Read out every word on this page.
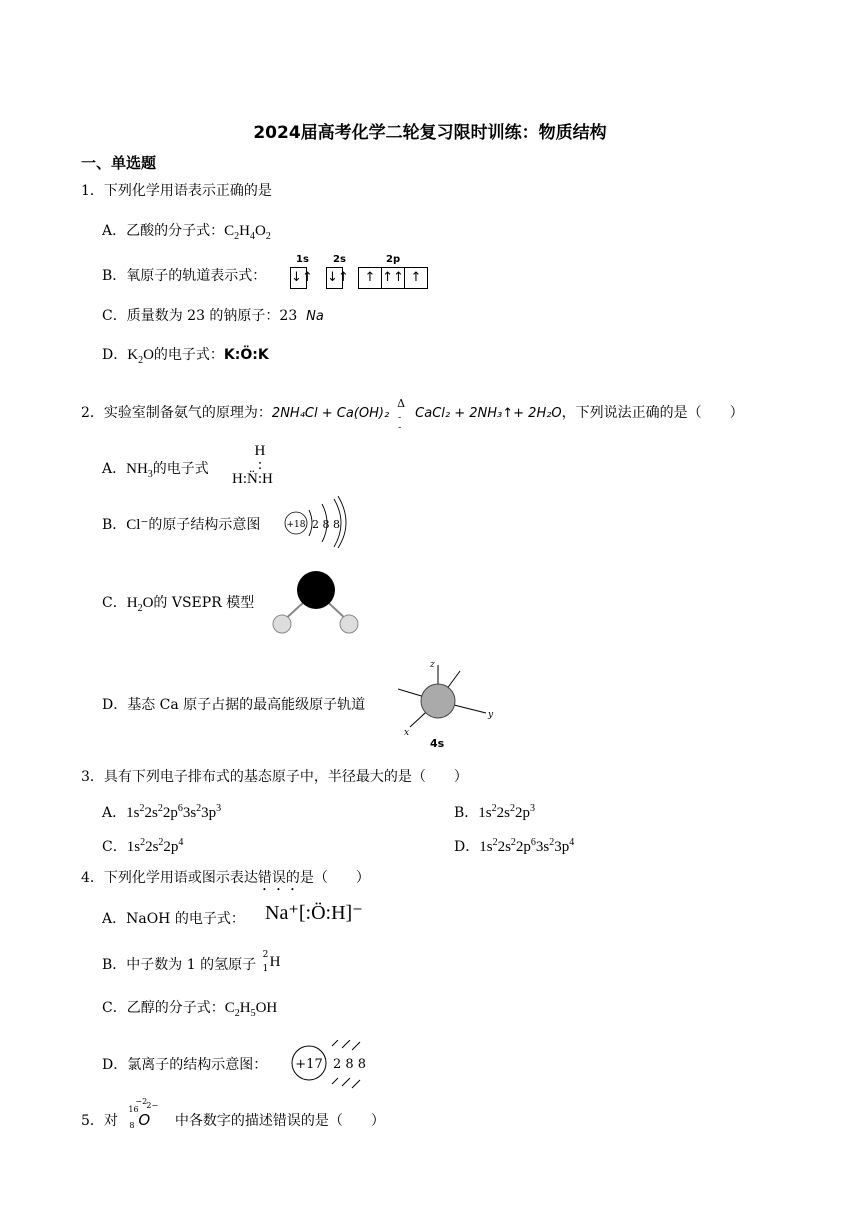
2024届高考化学二轮复习限时训练：物质结构
一、单选题
1．下列化学用语表示正确的是
A．乙酸的分子式：$C_2H_4O_2$
B．氧原子的轨道表示式：
1s 2s	2p
↓↑ ↓↑	↑ ↑↑ ↑
C．质量数为 23 的钠原子：23 Na
D．$K_2O$的电子式：K:Ö:K
2．实验室制备氨气的原理为：2NH₄Cl + Ca(OH)₂
Δ
‐
‐
CaCl₂ + 2NH₃↑+ 2H₂O，下列说法正确的是（　　）
A．$NH_3$的电子式
H
:
H:N̈:H
B．Cl⁻的原子结构示意图	+18 2 8 8
C．$H_2O$的 VSEPR 模型
D．基态 Ca 原子占据的最高能级原子轨道
z
y
x
4s
3．具有下列电子排布式的基态原子中，半径最大的是（　　）
A．$1s^22s^22p^63s^23p^3$	B．$1s^22s^22p^3$
C．$1s^22s^22p^4$	D．$1s^22s^22p^63s^23p^4$
4．下列化学用语或图示表达错误的是（　　）
A．NaOH 的电子式： Na⁺[:Ö:H]⁻
B．中子数为 1 的氢原子
2
1 H
C．乙醇的分子式：$C_2H_5OH$
D．氯离子的结构示意图： +17 2 8 8
5．对
16
8 O
−2 2−
中各数字的描述错误的是（　　）
